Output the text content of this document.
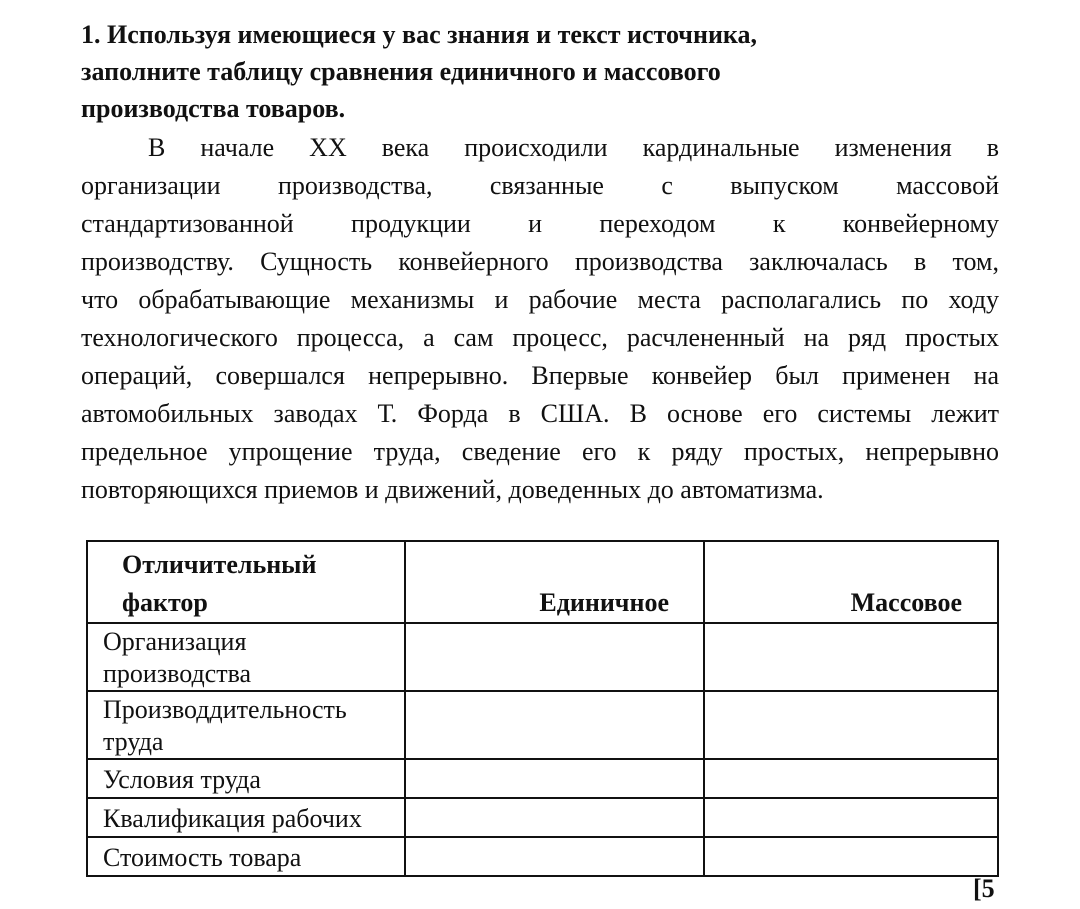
1. Используя имеющиеся у вас знания и текст источника,
заполните таблицу сравнения единичного и массового
производства товаров.
В начале XX века происходили кардинальные изменения в
организации производства, связанные с выпуском массовой
стандартизованной продукции и переходом к конвейерному
производству. Сущность конвейерного производства заключалась в том,
что обрабатывающие механизмы и рабочие места располагались по ходу
технологического процесса, а сам процесс, расчлененный на ряд простых
операций, совершался непрерывно. Впервые конвейер был применен на
автомобильных заводах Т. Форда в США. В основе его системы лежит
предельное упрощение труда, сведение его к ряду простых, непрерывно
повторяющихся приемов и движений, доведенных до автоматизма.
Отличительный
фактор	Единичное	Массовое

Организация
производства		

Производдительность
труда		

Условия труда		

Квалификация рабочих		

Стоимость товара		

[5
